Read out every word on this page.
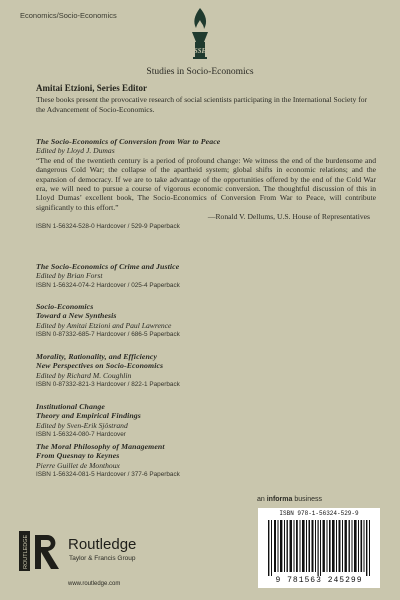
Economics/Socio-Economics
SSE
Studies in Socio-Economics
Amitai Etzioni, Series Editor
These books present the provocative research of social scientists participating in the International Society for the Advancement of Socio-Economics.
The Socio-Economics of Conversion from War to Peace
Edited by Lloyd J. Dumas
“The end of the twentieth century is a period of profound change: We witness the end of the burdensome and dangerous Cold War; the collapse of the apartheid system; global shifts in economic relations; and the expansion of democracy. If we are to take advantage of the opportunities offered by the end of the Cold War era, we will need to pursue a course of vigorous economic conversion. The thoughtful discussion of this in Lloyd Dumas’ excellent book, The Socio-Economics of Conversion From War to Peace, will contribute significantly to this effort.”
—Ronald V. Dellums, U.S. House of Representatives
ISBN 1-56324-528-0 Hardcover / 529-9 Paperback
The Socio-Economics of Crime and Justice
Edited by Brian Forst
ISBN 1-56324-074-2 Hardcover / 025-4 Paperback
Socio-Economics
Toward a New Synthesis
Edited by Amitai Etzioni and Paul Lawrence
ISBN 0-87332-685-7 Hardcover / 686-5 Paperback
Morality, Rationality, and Efficiency
New Perspectives on Socio-Economics
Edited by Richard M. Coughlin
ISBN 0-87332-821-3 Hardcover / 822-1 Paperback
Institutional Change
Theory and Empirical Findings
Edited by Sven-Erik Sjöstrand
ISBN 1-56324-080-7 Hardcover
The Moral Philosophy of Management
From Quesnay to Keynes
Pierre Guillet de Monthoux
ISBN 1-56324-081-5 Hardcover / 377-6 Paperback
an informa business
ISBN 978-1-56324-529-9
9 781563 245299
ROUTLEDGE	Routledge
Taylor & Francis Group
www.routledge.com
